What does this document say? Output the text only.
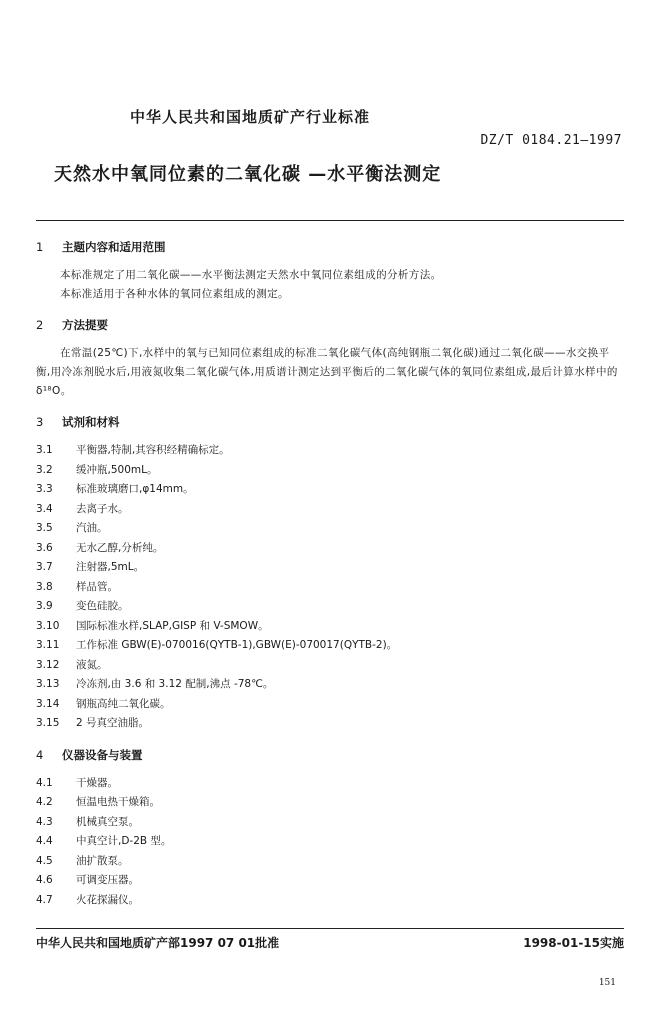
中华人民共和国地质矿产行业标准
DZ/T 0184.21—1997
天然水中氧同位素的二氧化碳 —水平衡法测定
1 主题内容和适用范围
本标准规定了用二氧化碳——水平衡法测定天然水中氧同位素组成的分析方法。
本标准适用于各种水体的氧同位素组成的测定。
2 方法提要
在常温(25℃)下,水样中的氧与已知同位素组成的标准二氧化碳气体(高纯钢瓶二氧化碳)通过二氧化碳——水交换平衡,用冷冻剂脱水后,用液氮收集二氧化碳气体,用质谱计测定达到平衡后的二氧化碳气体的氧同位素组成,最后计算水样中的δ¹⁸O。
3 试剂和材料
3.1 平衡器,特制,其容积经精确标定。
3.2 缓冲瓶,500mL。
3.3 标准玻璃磨口,φ14mm。
3.4 去离子水。
3.5 汽油。
3.6 无水乙醇,分析纯。
3.7 注射器,5mL。
3.8 样品管。
3.9 变色硅胶。
3.10 国际标准水样,SLAP,GISP 和 V-SMOW。
3.11 工作标准 GBW(E)-070016(QYTB-1),GBW(E)-070017(QYTB-2)。
3.12 液氮。
3.13 冷冻剂,由 3.6 和 3.12 配制,沸点 -78℃。
3.14 钢瓶高纯二氧化碳。
3.15 2 号真空油脂。
4 仪器设备与装置
4.1 干燥器。
4.2 恒温电热干燥箱。
4.3 机械真空泵。
4.4 中真空计,D-2B 型。
4.5 油扩散泵。
4.6 可调变压器。
4.7 火花探漏仪。
中华人民共和国地质矿产部1997 07 01批准	1998-01-15实施
151
